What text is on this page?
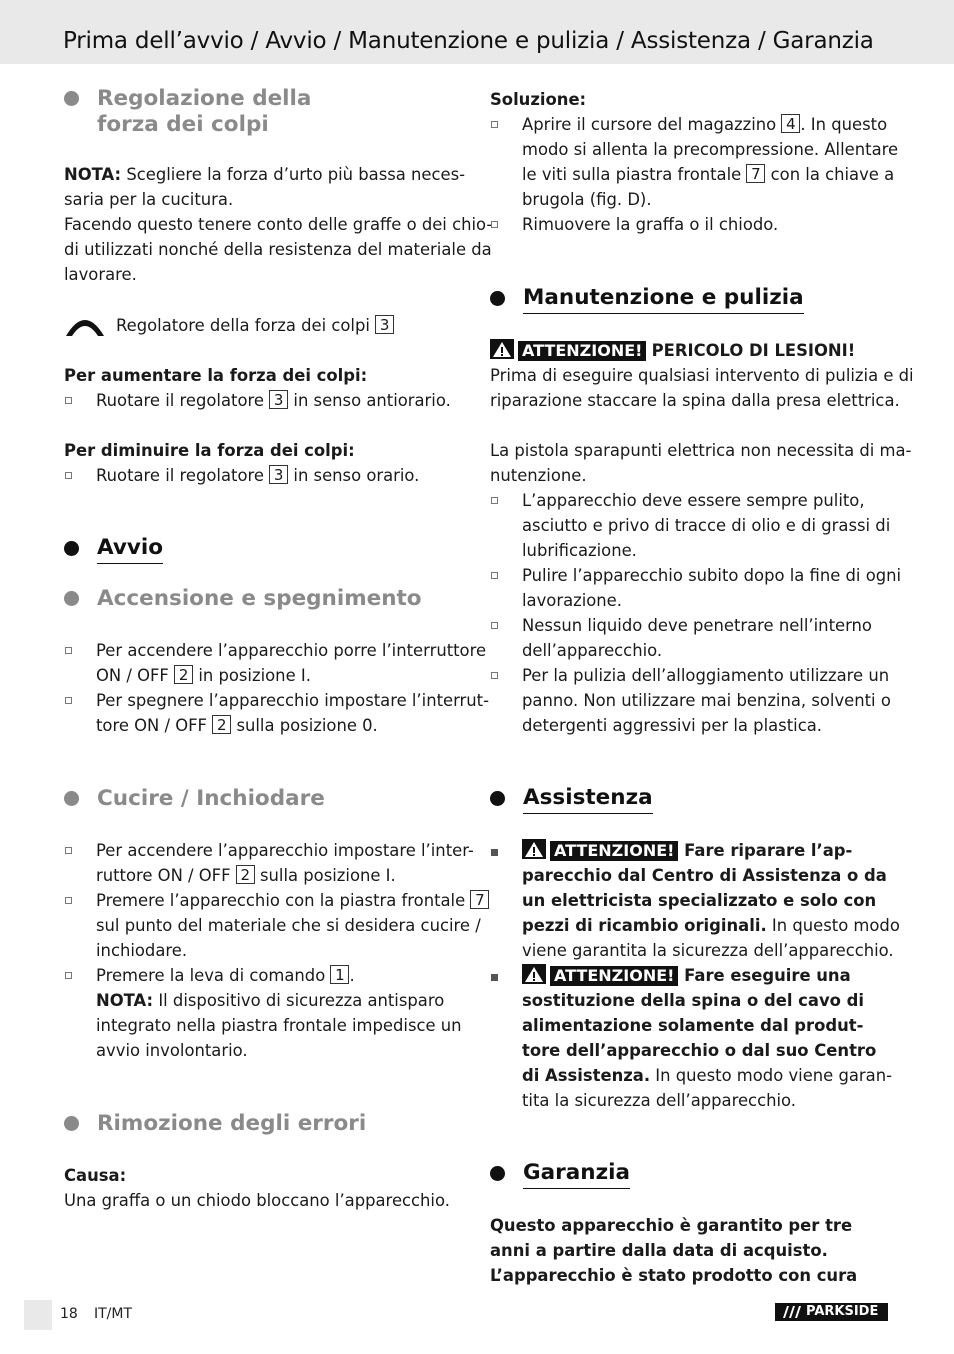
Prima dell’avvio / Avvio / Manutenzione e pulizia / Assistenza / Garanzia
Regolazione della
forza dei colpi
NOTA: Scegliere la forza d’urto più bassa neces-
saria per la cucitura.
Facendo questo tenere conto delle graffe o dei chio-
di utilizzati nonché della resistenza del materiale da
lavorare.
Regolatore della forza dei colpi 3
Per aumentare la forza dei colpi:
Ruotare il regolatore 3 in senso antiorario.
Per diminuire la forza dei colpi:
Ruotare il regolatore 3 in senso orario.
Avvio
Accensione e spegnimento
Per accendere l’apparecchio porre l’interruttore
ON / OFF 2 in posizione I.
Per spegnere l’apparecchio impostare l’interrut-
tore ON / OFF 2 sulla posizione 0.
Cucire / Inchiodare
Per accendere l’apparecchio impostare l’inter-
ruttore ON / OFF 2 sulla posizione I.
Premere l’apparecchio con la piastra frontale 7
sul punto del materiale che si desidera cucire /
inchiodare.
Premere la leva di comando 1 .
NOTA: Il dispositivo di sicurezza antisparo
integrato nella piastra frontale impedisce un
avvio involontario.
Rimozione degli errori
Causa:
Una graffa o un chiodo bloccano l’apparecchio.
Soluzione:
Aprire il cursore del magazzino 4 . In questo
modo si allenta la precompressione. Allentare
le viti sulla piastra frontale 7 con la chiave a
brugola (fig. D).
Rimuovere la graffa o il chiodo.
Manutenzione e pulizia
ATTENZIONE! PERICOLO DI LESIONI!
Prima di eseguire qualsiasi intervento di pulizia e di
riparazione staccare la spina dalla presa elettrica.
La pistola sparapunti elettrica non necessita di ma-
nutenzione.
L’apparecchio deve essere sempre pulito,
asciutto e privo di tracce di olio e di grassi di
lubrificazione.
Pulire l’apparecchio subito dopo la fine di ogni
lavorazione.
Nessun liquido deve penetrare nell’interno
dell’apparecchio.
Per la pulizia dell’alloggiamento utilizzare un
panno. Non utilizzare mai benzina, solventi o
detergenti aggressivi per la plastica.
Assistenza
ATTENZIONE! Fare riparare l’ap-
parecchio dal Centro di Assistenza o da
un elettricista specializzato e solo con
pezzi di ricambio originali. In questo modo
viene garantita la sicurezza dell’apparecchio.
ATTENZIONE! Fare eseguire una
sostituzione della spina o del cavo di
alimentazione solamente dal produt-
tore dell’apparecchio o dal suo Centro
di Assistenza. In questo modo viene garan-
tita la sicurezza dell’apparecchio.
Garanzia
Questo apparecchio è garantito per tre
anni a partire dalla data di acquisto.
L’apparecchio è stato prodotto con cura
18 IT/MT	PARKSIDE
